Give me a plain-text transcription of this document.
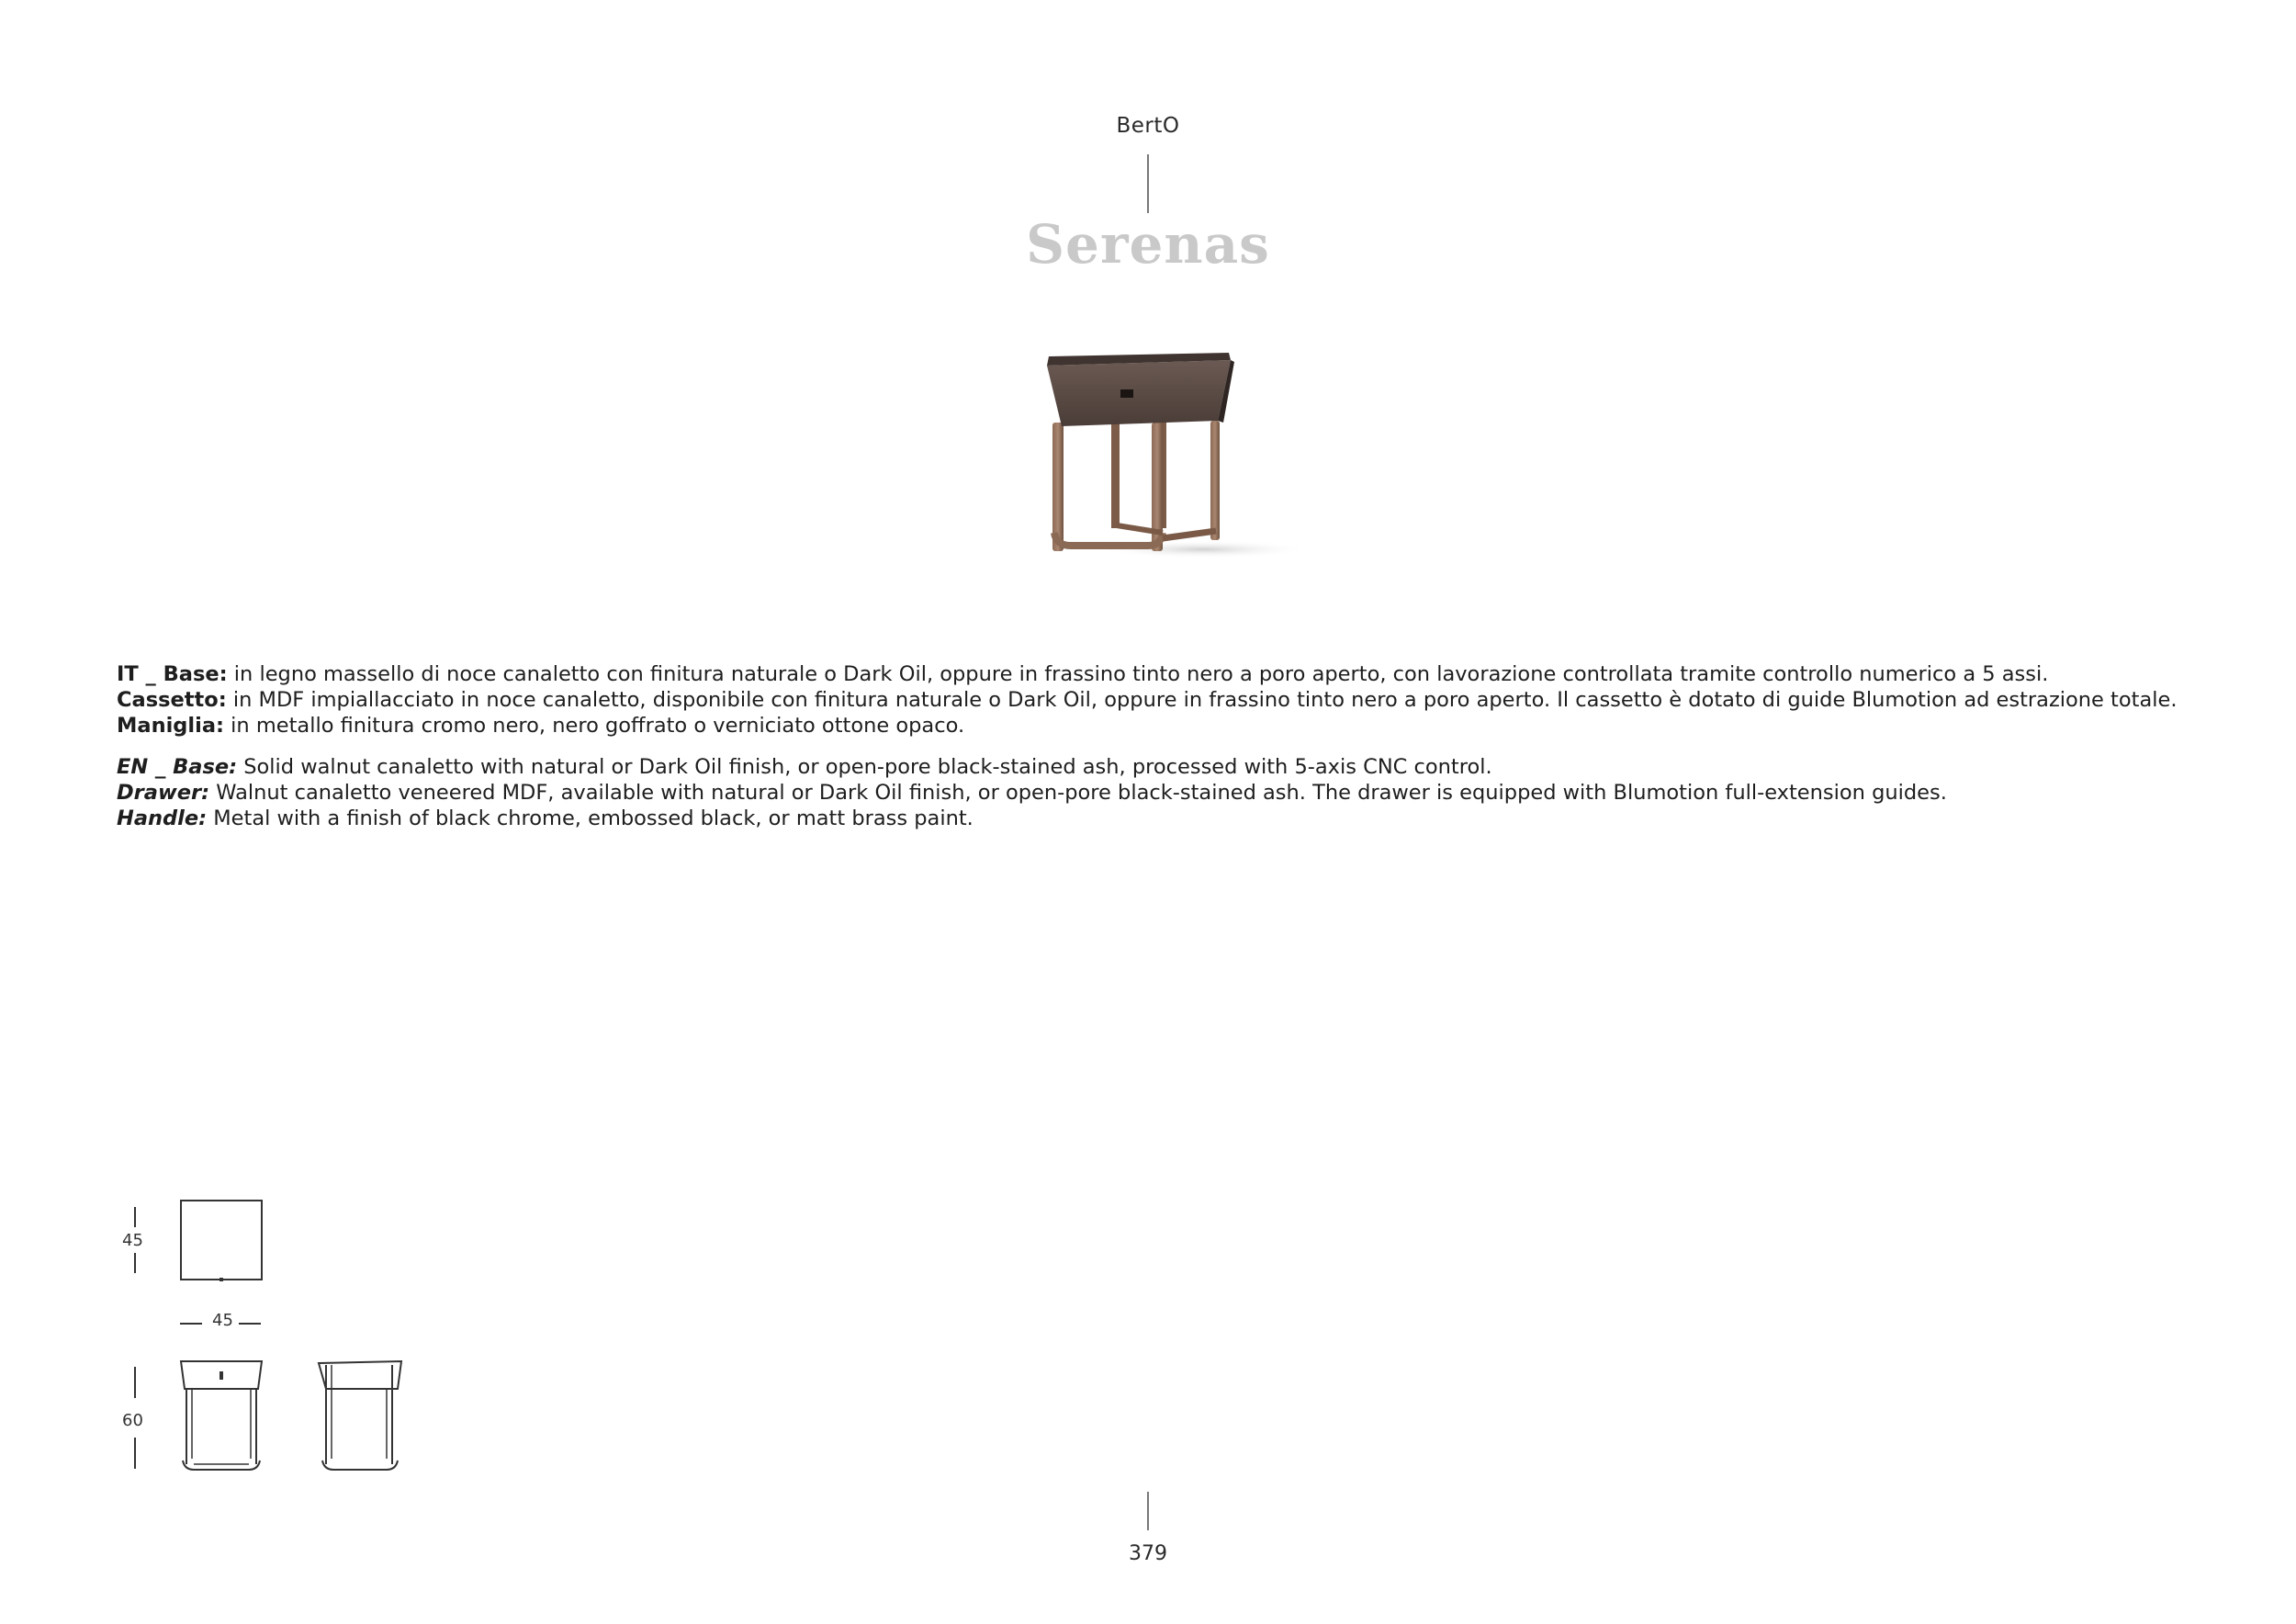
BertO
Serenas

IT _ Base: in legno massello di noce canaletto con finitura naturale o Dark Oil, oppure in frassino tinto nero a poro aperto, con lavorazione controllata tramite controllo numerico a 5 assi.

Cassetto: in MDF impiallacciato in noce canaletto, disponibile con finitura naturale o Dark Oil, oppure in frassino tinto nero a poro aperto. Il cassetto è dotato di guide Blumotion ad estrazione totale.

Maniglia: in metallo finitura cromo nero, nero goffrato o verniciato ottone opaco.

EN _ Base: Solid walnut canaletto with natural or Dark Oil finish, or open-pore black-stained ash, processed with 5-axis CNC control.

Drawer: Walnut canaletto veneered MDF, available with natural or Dark Oil finish, or open-pore black-stained ash. The drawer is equipped with Blumotion full-extension guides.

Handle: Metal with a finish of black chrome, embossed black, or matt brass paint.

45
45
60
379
